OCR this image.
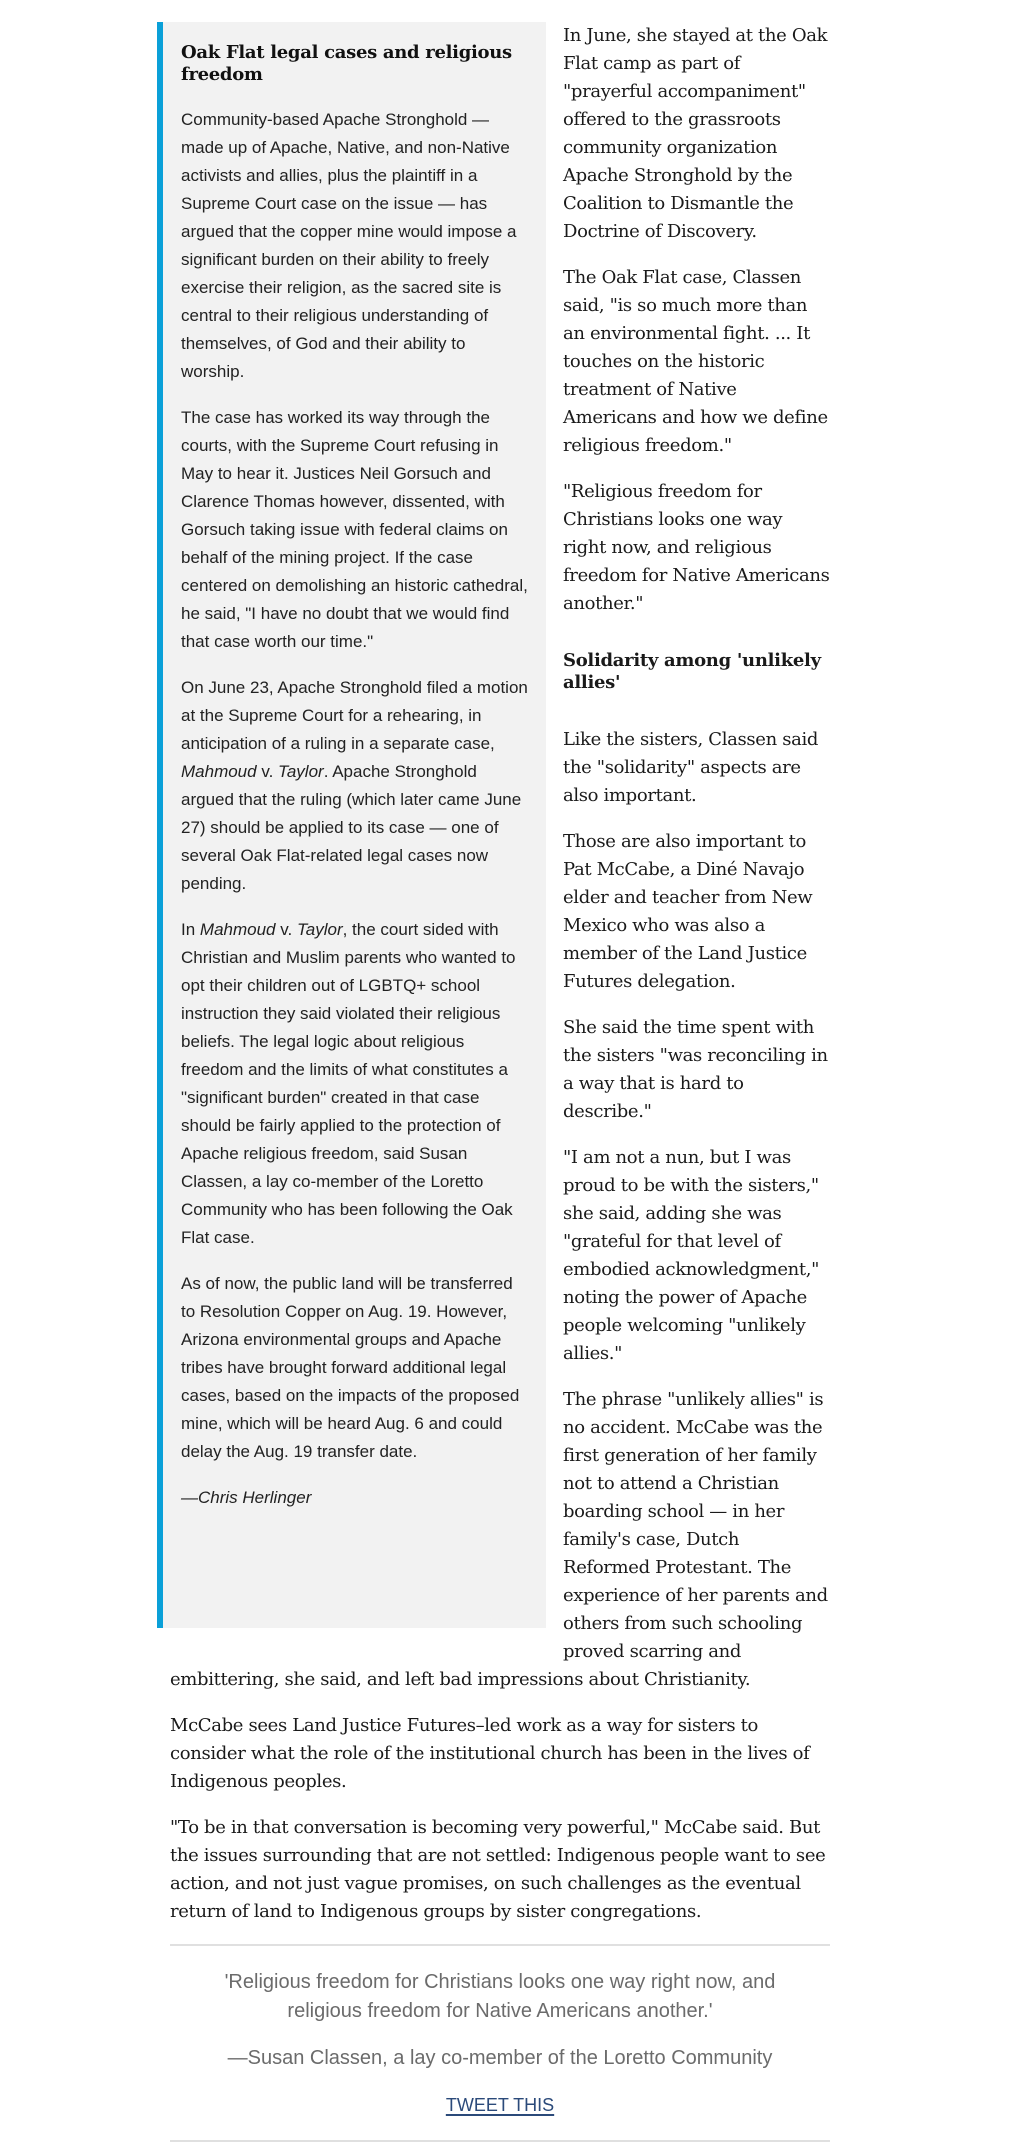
Oak Flat legal cases and religious freedom

Community-based Apache Stronghold — made up of Apache, Native, and non-Native activists and allies, plus the plaintiff in a Supreme Court case on the issue — has argued that the copper mine would impose a significant burden on their ability to freely exercise their religion, as the sacred site is central to their religious understanding of themselves, of God and their ability to worship.

The case has worked its way through the courts, with the Supreme Court refusing in May to hear it. Justices Neil Gorsuch and Clarence Thomas however, dissented, with Gorsuch taking issue with federal claims on behalf of the mining project. If the case centered on demolishing an historic cathedral, he said, "I have no doubt that we would find that case worth our time."

On June 23, Apache Stronghold filed a motion at the Supreme Court for a rehearing, in anticipation of a ruling in a separate case, Mahmoud v. Taylor. Apache Stronghold argued that the ruling (which later came June 27) should be applied to its case — one of several Oak Flat-related legal cases now pending.

In Mahmoud v. Taylor, the court sided with Christian and Muslim parents who wanted to opt their children out of LGBTQ+ school instruction they said violated their religious beliefs. The legal logic about religious freedom and the limits of what constitutes a "significant burden" created in that case should be fairly applied to the protection of Apache religious freedom, said Susan Classen, a lay co-member of the Loretto Community who has been following the Oak Flat case.

As of now, the public land will be transferred to Resolution Copper on Aug. 19. However, Arizona environmental groups and Apache tribes have brought forward additional legal cases, based on the impacts of the proposed mine, which will be heard Aug. 6 and could delay the Aug. 19 transfer date.

—Chris Herlinger

In June, she stayed at the Oak Flat camp as part of "prayerful accompaniment" offered to the grassroots community organization Apache Stronghold by the Coalition to Dismantle the Doctrine of Discovery.

The Oak Flat case, Classen said, "is so much more than an environmental fight. ... It touches on the historic treatment of Native Americans and how we define religious freedom."

"Religious freedom for Christians looks one way right now, and religious freedom for Native Americans another."

Solidarity among 'unlikely allies'

Like the sisters, Classen said the "solidarity" aspects are also important.

Those are also important to Pat McCabe, a Diné Navajo elder and teacher from New Mexico who was also a member of the Land Justice Futures delegation.

She said the time spent with the sisters "was reconciling in a way that is hard to describe."

"I am not a nun, but I was proud to be with the sisters," she said, adding she was "grateful for that level of embodied acknowledgment," noting the power of Apache people welcoming "unlikely allies."

The phrase "unlikely allies" is no accident. McCabe was the first generation of her family not to attend a Christian boarding school — in her family's case, Dutch Reformed Protestant. The experience of her parents and others from such schooling proved scarring and embittering, she said, and left bad impressions about Christianity.

McCabe sees Land Justice Futures–led work as a way for sisters to consider what the role of the institutional church has been in the lives of Indigenous peoples.

"To be in that conversation is becoming very powerful," McCabe said. But the issues surrounding that are not settled: Indigenous people want to see action, and not just vague promises, on such challenges as the eventual return of land to Indigenous groups by sister congregations.

'Religious freedom for Christians looks one way right now, and religious freedom for Native Americans another.'

—Susan Classen, a lay co-member of the Loretto Community

TWEET THIS
